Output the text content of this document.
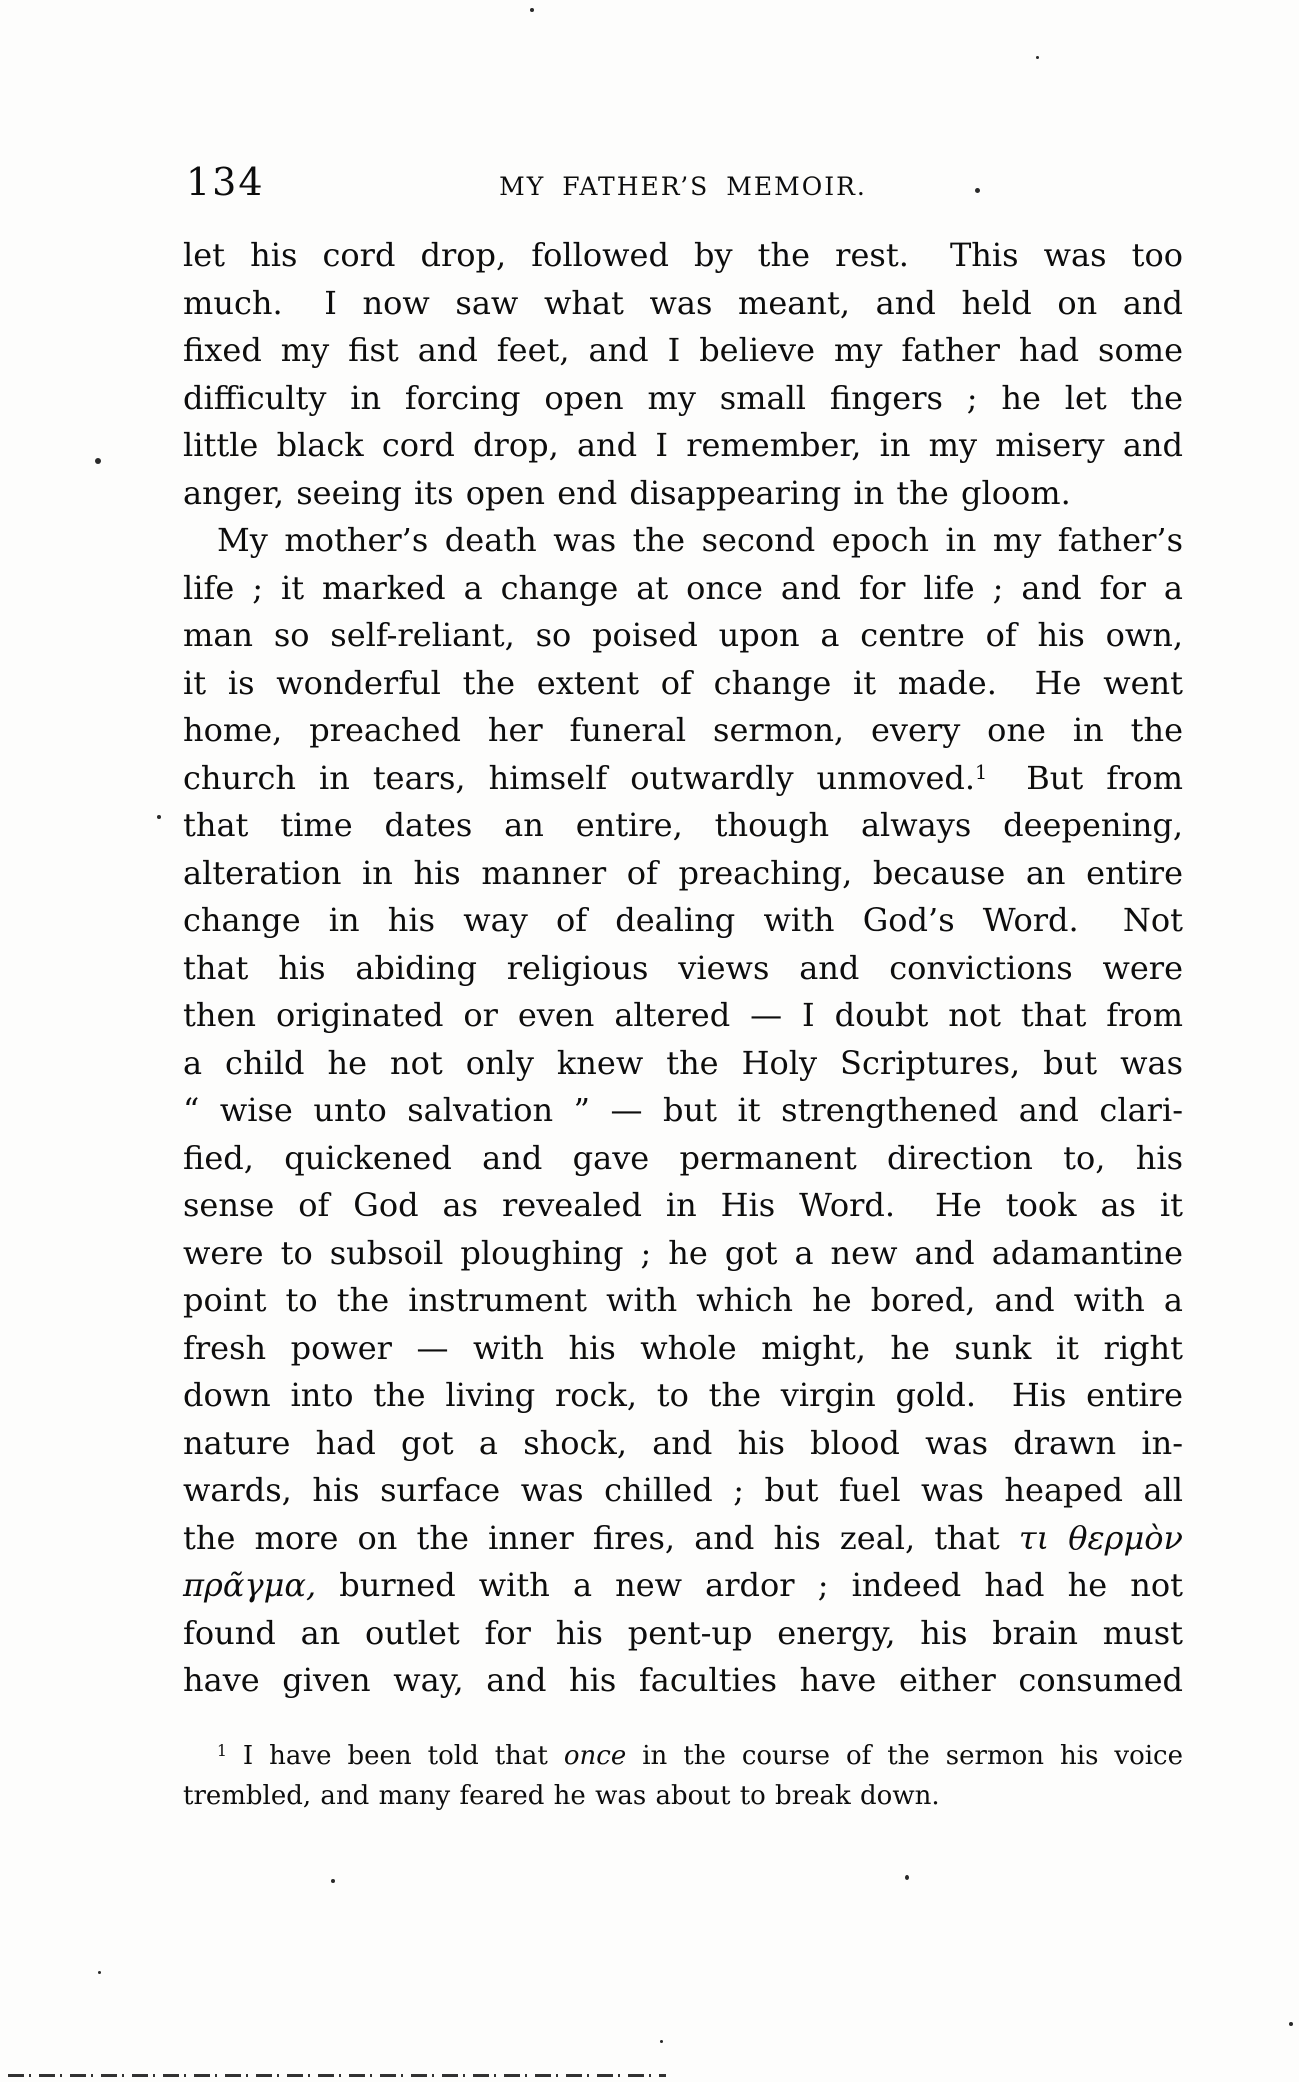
134	MY FATHER’S MEMOIR.
let his cord drop, followed by the rest.  This was too
much.  I now saw what was meant, and held on and
fixed my fist and feet, and I believe my father had some
difficulty in forcing open my small fingers ; he let the
little black cord drop, and I remember, in my misery and
anger, seeing its open end disappearing in the gloom.
My mother’s death was the second epoch in my father’s
life ; it marked a change at once and for life ; and for a
man so self-reliant, so poised upon a centre of his own,
it is wonderful the extent of change it made.  He went
home, preached her funeral sermon, every one in the
church in tears, himself outwardly unmoved.$^1$  But from
that time dates an entire, though always deepening,
alteration in his manner of preaching, because an entire
change in his way of dealing with God’s Word.  Not
that his abiding religious views and convictions were
then originated or even altered — I doubt not that from
a child he not only knew the Holy Scriptures, but was
“ wise unto salvation ” — but it strengthened and clari-
fied, quickened and gave permanent direction to, his
sense of God as revealed in His Word.  He took as it
were to subsoil ploughing ; he got a new and adamantine
point to the instrument with which he bored, and with a
fresh power — with his whole might, he sunk it right
down into the living rock, to the virgin gold.  His entire
nature had got a shock, and his blood was drawn in-
wards, his surface was chilled ; but fuel was heaped all
the more on the inner fires, and his zeal, that τι θερμὸν
πρᾶγμα, burned with a new ardor ; indeed had he not
found an outlet for his pent-up energy, his brain must
have given way, and his faculties have either consumed
$^1$ I have been told that once in the course of the sermon his voice
trembled, and many feared he was about to break down.
